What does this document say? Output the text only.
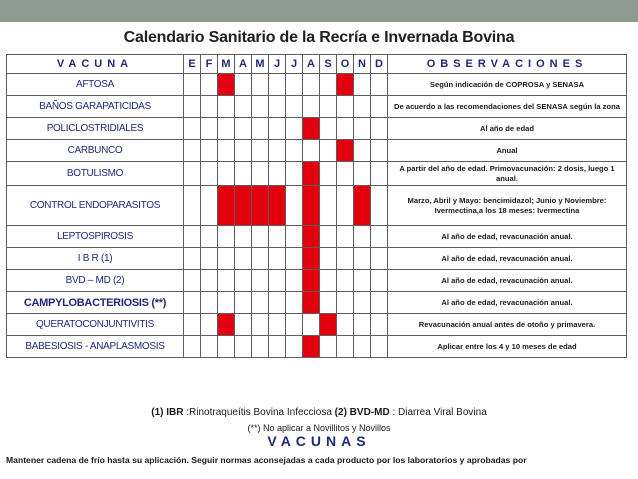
Calendario Sanitario de la Recría e Invernada Bovina
VACUNA	E	F	M	A	M	J	J	A	S	O	N	D	OBSERVACIONES
AFTOSA													Según indicación de COPROSA y SENASA
BAÑOS GARAPATICIDAS													De acuerdo a las recomendaciones del SENASA según la zona
POLICLOSTRIDIALES													Al año de edad
CARBUNCO													Anual
BOTULISMO													A partir del año de edad. Primovacunación: 2 dosis, luego 1 anual.
CONTROL ENDOPARASITOS													Marzo, Abril y Mayo: bencimidazol; Junio y Noviembre: Ivermectina,a los 18 meses: Ivermectina
LEPTOSPIROSIS													Al año de edad, revacunación anual.
I B R (1)													Al año de edad, revacunación anual.
BVD – MD (2)													Al año de edad, revacunación anual.
CAMPYLOBACTERIOSIS (**)													Al año de edad, revacunación anual.
QUERATOCONJUNTIVITIS													Revacunación anual antes de otoño y primavera.
BABESIOSIS - ANAPLASMOSIS													Aplicar entre los 4 y 10 meses de edad
(1) IBR :Rinotraqueítis Bovina Infecciosa (2) BVD-MD : Diarrea Viral Bovina
(**) No aplicar a Novillitos y Novillos
VACUNAS
Mantener cadena de frío hasta su aplicación. Seguir normas aconsejadas a cada producto por los laboratorios y aprobadas por
